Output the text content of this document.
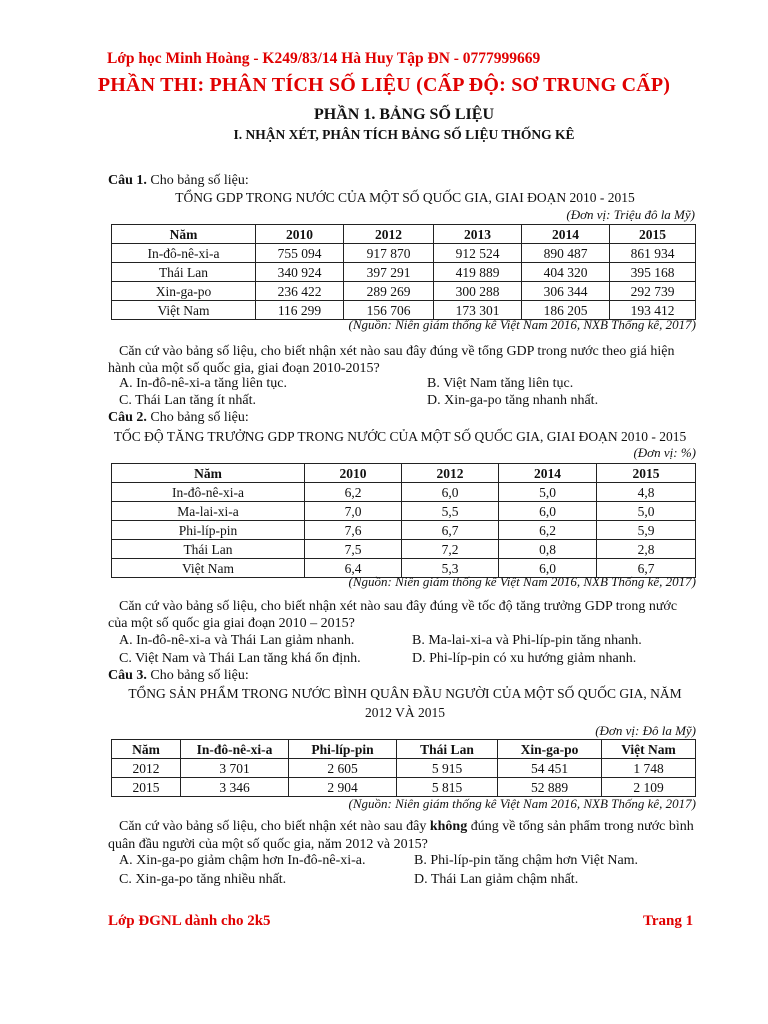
Lớp học Minh Hoàng - K249/83/14 Hà Huy Tập ĐN - 0777999669
PHẦN THI: PHÂN TÍCH SỐ LIỆU (CẤP ĐỘ: SƠ TRUNG CẤP)
PHẦN 1. BẢNG SỐ LIỆU
I. NHẬN XÉT, PHÂN TÍCH BẢNG SỐ LIỆU THỐNG KÊ
Câu 1. Cho bảng số liệu:
TỔNG GDP TRONG NƯỚC CỦA MỘT SỐ QUỐC GIA, GIAI ĐOẠN 2010 - 2015
(Đơn vị: Triệu đô la Mỹ)
Năm	2010	2012	2013	2014	2015
In-đô-nê-xi-a	755 094	917 870	912 524	890 487	861 934
Thái Lan	340 924	397 291	419 889	404 320	395 168
Xin-ga-po	236 422	289 269	300 288	306 344	292 739
Việt Nam	116 299	156 706	173 301	186 205	193 412
(Nguồn: Niên giám thống kê Việt Nam 2016, NXB Thống kê, 2017)
Căn cứ vào bảng số liệu, cho biết nhận xét nào sau đây đúng về tổng GDP trong nước theo giá hiện
hành của một số quốc gia, giai đoạn 2010-2015?
A. In-đô-nê-xi-a tăng liên tục.	B. Việt Nam tăng liên tục.
C. Thái Lan tăng ít nhất.	D. Xin-ga-po tăng nhanh nhất.
Câu 2. Cho bảng số liệu:
TỐC ĐỘ TĂNG TRƯỞNG GDP TRONG NƯỚC CỦA MỘT SỐ QUỐC GIA, GIAI ĐOẠN 2010 - 2015
(Đơn vị: %)
Năm	2010	2012	2014	2015
In-đô-nê-xi-a	6,2	6,0	5,0	4,8
Ma-lai-xi-a	7,0	5,5	6,0	5,0
Phi-líp-pin	7,6	6,7	6,2	5,9
Thái Lan	7,5	7,2	0,8	2,8
Việt Nam	6,4	5,3	6,0	6,7
(Nguồn: Niên giám thống kê Việt Nam 2016, NXB Thống kê, 2017)
Căn cứ vào bảng số liệu, cho biết nhận xét nào sau đây đúng về tốc độ tăng trưởng GDP trong nước
của một số quốc gia giai đoạn 2010 – 2015?
A. In-đô-nê-xi-a và Thái Lan giảm nhanh.	B. Ma-lai-xi-a và Phi-líp-pin tăng nhanh.
C. Việt Nam và Thái Lan tăng khá ổn định.	D. Phi-líp-pin có xu hướng giảm nhanh.
Câu 3. Cho bảng số liệu:
TỔNG SẢN PHẨM TRONG NƯỚC BÌNH QUÂN ĐẦU NGƯỜI CỦA MỘT SỐ QUỐC GIA, NĂM
2012 VÀ 2015
(Đơn vị: Đô la Mỹ)
Năm	In-đô-nê-xi-a	Phi-líp-pin	Thái Lan	Xin-ga-po	Việt Nam
2012	3 701	2 605	5 915	54 451	1 748
2015	3 346	2 904	5 815	52 889	2 109
(Nguồn: Niên giám thống kê Việt Nam 2016, NXB Thống kê, 2017)
Căn cứ vào bảng số liệu, cho biết nhận xét nào sau đây không đúng về tổng sản phẩm trong nước bình
quân đầu người của một số quốc gia, năm 2012 và 2015?
A. Xin-ga-po giảm chậm hơn In-đô-nê-xi-a.	B. Phi-líp-pin tăng chậm hơn Việt Nam.
C. Xin-ga-po tăng nhiều nhất.	D. Thái Lan giảm chậm nhất.
Lớp ĐGNL dành cho 2k5	Trang 1
